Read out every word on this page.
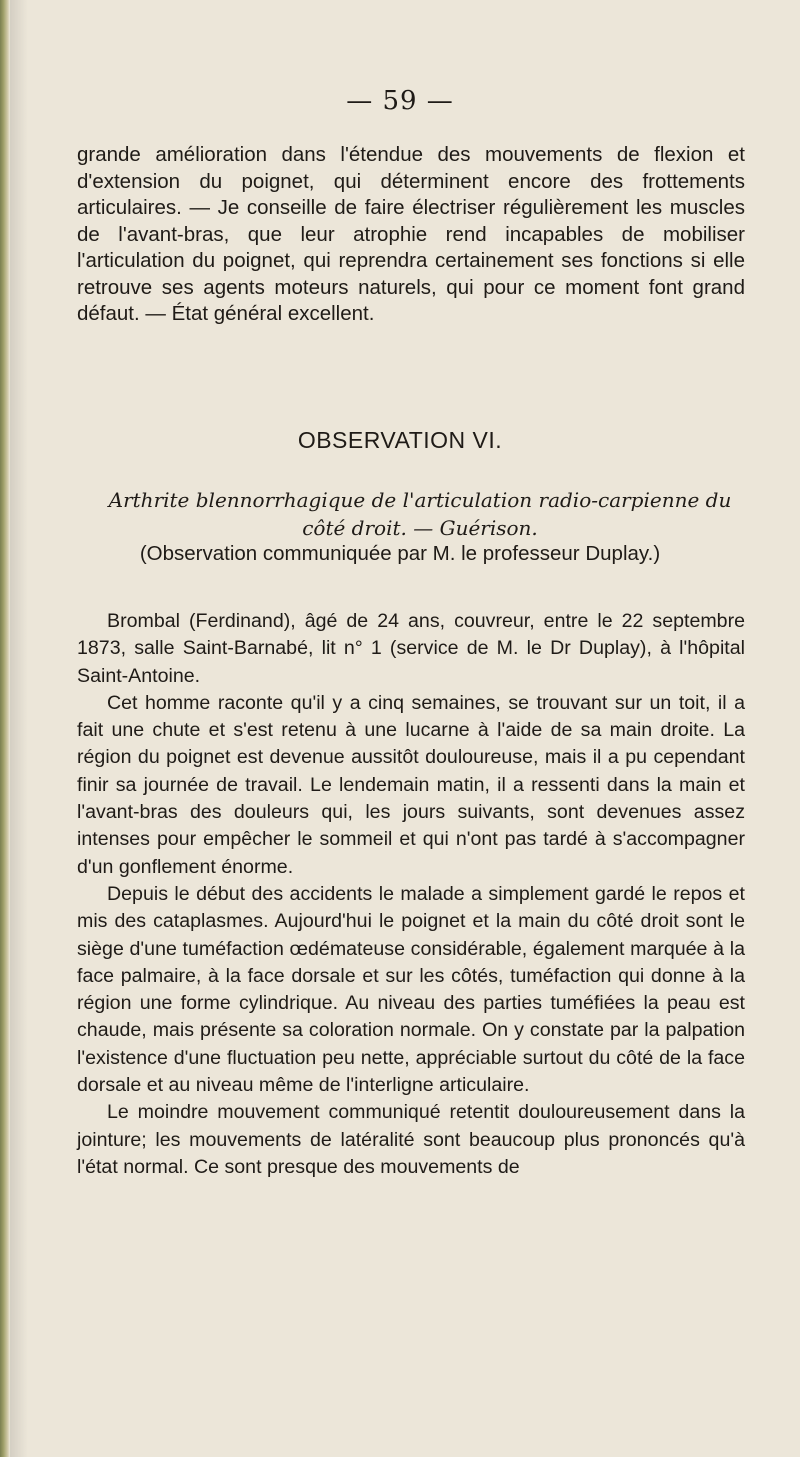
— 59 —

grande amélioration dans l'étendue des mouvements de flexion et d'extension du poignet, qui déterminent encore des frottements articulaires. — Je conseille de faire électriser régulièrement les muscles de l'avant-bras, que leur atrophie rend incapables de mobiliser l'articulation du poignet, qui reprendra certainement ses fonctions si elle retrouve ses agents moteurs naturels, qui pour ce moment font grand défaut. — État général excellent.

OBSERVATION VI.
Arthrite blennorrhagique de l'articulation radio-carpienne du côté droit. — Guérison.
(Observation communiquée par M. le professeur Duplay.)

Brombal (Ferdinand), âgé de 24 ans, couvreur, entre le 22 septembre 1873, salle Saint-Barnabé, lit n° 1 (service de M. le Dr Duplay), à l'hôpital Saint-Antoine.

Cet homme raconte qu'il y a cinq semaines, se trouvant sur un toit, il a fait une chute et s'est retenu à une lucarne à l'aide de sa main droite. La région du poignet est devenue aussitôt douloureuse, mais il a pu cependant finir sa journée de travail. Le lendemain matin, il a ressenti dans la main et l'avant-bras des douleurs qui, les jours suivants, sont devenues assez intenses pour empêcher le sommeil et qui n'ont pas tardé à s'accompagner d'un gonflement énorme.

Depuis le début des accidents le malade a simplement gardé le repos et mis des cataplasmes. Aujourd'hui le poignet et la main du côté droit sont le siège d'une tuméfaction œdémateuse considérable, également marquée à la face palmaire, à la face dorsale et sur les côtés, tuméfaction qui donne à la région une forme cylindrique. Au niveau des parties tuméfiées la peau est chaude, mais présente sa coloration normale. On y constate par la palpation l'existence d'une fluctuation peu nette, appréciable surtout du côté de la face dorsale et au niveau même de l'interligne articulaire.

Le moindre mouvement communiqué retentit douloureusement dans la jointure; les mouvements de latéralité sont beaucoup plus prononcés qu'à l'état normal. Ce sont presque des mouvements de
